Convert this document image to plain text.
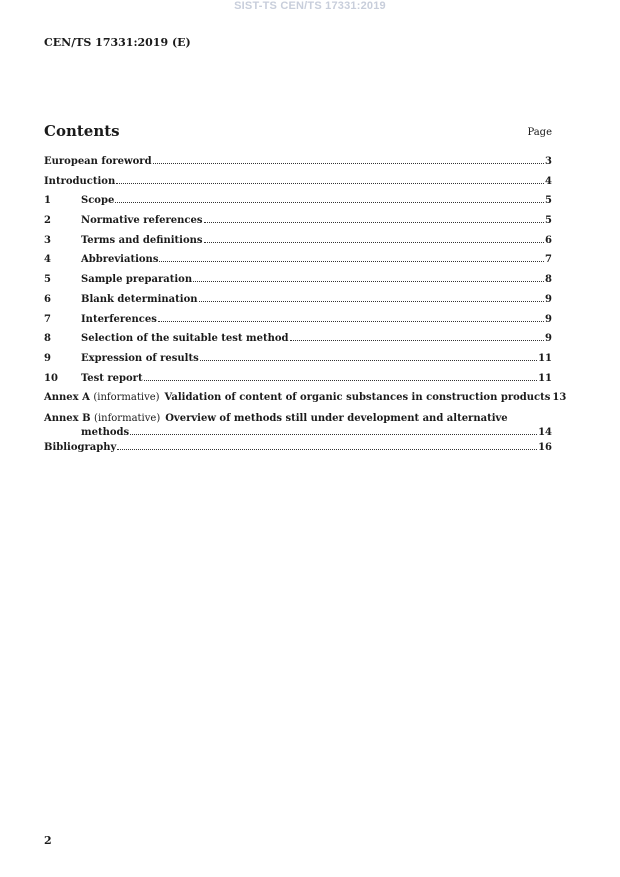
SIST-TS CEN/TS 17331:2019
CEN/TS 17331:2019 (E)
Contents	Page
European foreword	3
Introduction	4
1	Scope	5
2	Normative references	5
3	Terms and definitions	6
4	Abbreviations	7
5	Sample preparation	8
6	Blank determination	9
7	Interferences	9
8	Selection of the suitable test method	9
9	Expression of results	11
10	Test report	11
Annex A (informative) Validation of content of organic substances in construction products 13
Annex B (informative) Overview of methods still under development and alternative
methods	14
Bibliography	16
2
